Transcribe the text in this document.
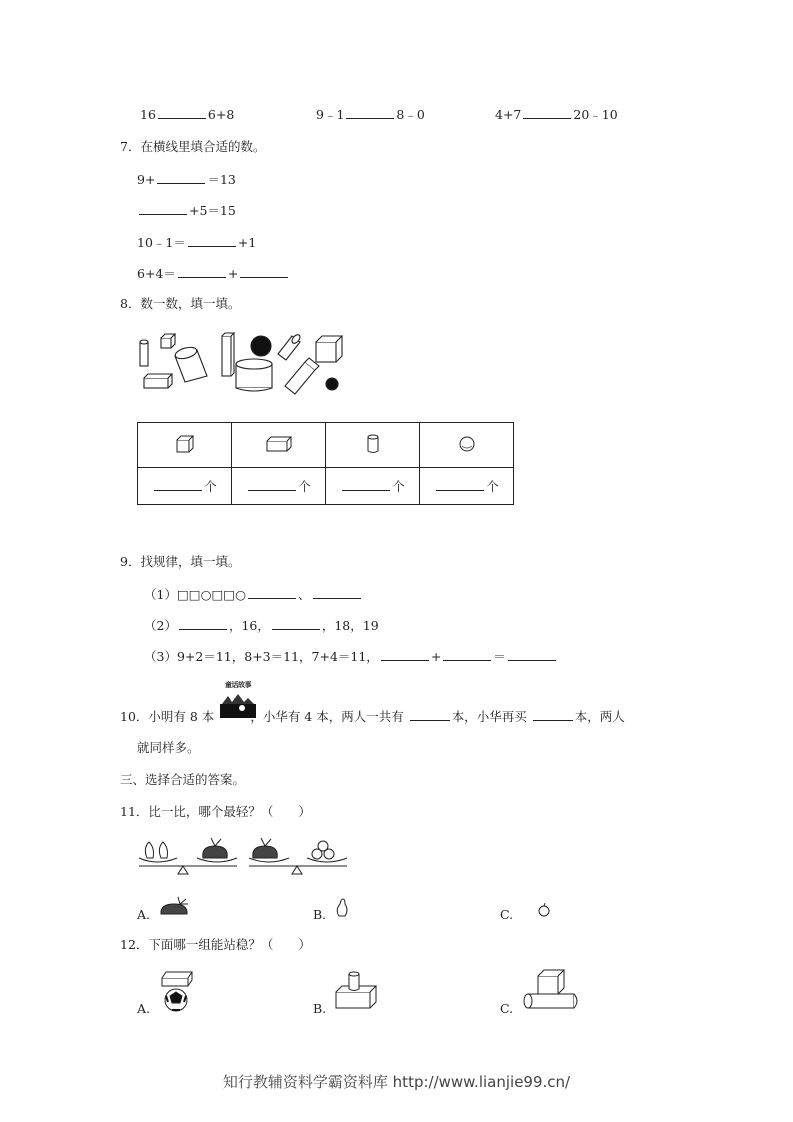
16	6+8	9﹣1	8﹣0	4+7	20﹣10
7．在横线里填合适的数。
9+	＝13
+5＝15
10﹣1＝	+1
6+4＝	+
8．数一数，填一填。

个	个	个	个
9．找规律，填一填。
（1）□□○□□○	、
（2）	，16，	，18，19
（3）9+2＝11，8+3＝11，7+4＝11，	+	＝
童话故事
10．小明有 8 本	，小华有 4 本，两人一共有	本，小华再买	本，两人
就同样多。
三、选择合适的答案。
11．比一比，哪个最轻？（　　）
A.	B.	C.
12．下面哪一组能站稳？（　　）
A.	B.	C.
知行教辅资料学霸资料库 http://www.lianjie99.cn/
